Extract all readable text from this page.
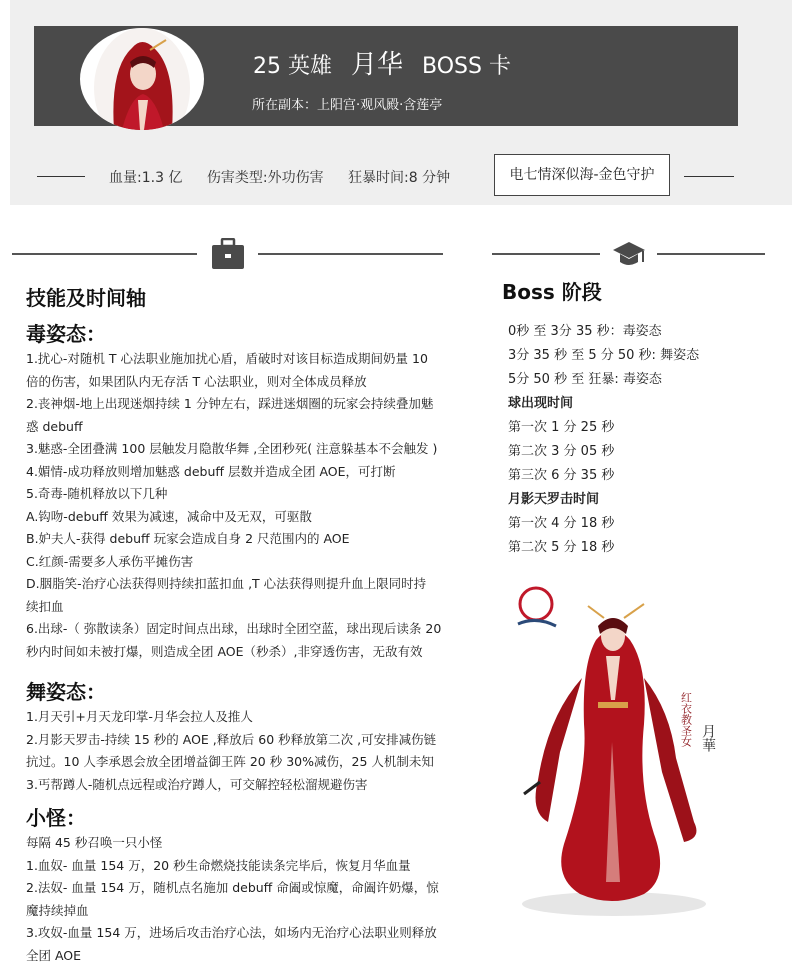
25 英雄 月华 BOSS 卡
所在副本：上阳宫·观风殿·含莲亭
血量:1.3 亿 伤害类型:外功伤害 狂暴时间:8 分钟	电七情深似海-金色守护
技能及时间轴
毒姿态：

1.扰心-对随机 T 心法职业施加扰心盾，盾破时对该目标造成期间奶量 10

倍的伤害，如果团队内无存活 T 心法职业，则对全体成员释放

2.丧神烟-地上出现迷烟持续 1 分钟左右，踩进迷烟圈的玩家会持续叠加魅

惑 debuff

3.魅惑-全团叠满 100 层触发月隐散华舞 ,全团秒死( 注意躲基本不会触发 )

4.媚情-成功释放则增加魅惑 debuff 层数并造成全团 AOE，可打断

5.奇毒-随机释放以下几种

A.钩吻-debuff 效果为减速，减命中及无双，可驱散

B.妒夫人-获得 debuff 玩家会造成自身 2 尺范围内的 AOE

C.红颜-需要多人承伤平摊伤害

D.胭脂笑-治疗心法获得则持续扣蓝扣血 ,T 心法获得则提升血上限同时持

续扣血

6.出球-（ 弥散读条）固定时间点出球，出球时全团空蓝，球出现后读条 20

秒内时间如未被打爆，则造成全团 AOE（秒杀）,非穿透伤害，无敌有效

舞姿态：

1.月天引+月天龙印掌-月华会拉人及推人

2.月影天罗击-持续 15 秒的 AOE ,释放后 60 秒释放第二次 ,可安排减伤链

抗过。10 人李承恩会放全团增益御王阵 20 秒 30%减伤，25 人机制未知

3.丐帮蹲人-随机点远程或治疗蹲人，可交解控轻松溜规避伤害

小怪：

每隔 45 秒召唤一只小怪

1.血奴- 血量 154 万，20 秒生命燃烧技能读条完毕后，恢复月华血量

2.法奴- 血量 154 万，随机点名施加 debuff 命阖或惊魔，命阖许奶爆，惊

魔持续掉血

3.攻奴-血量 154 万，进场后攻击治疗心法，如场内无治疗心法职业则释放

全团 AOE

Boss 阶段

0秒 至 3分 35 秒：毒姿态

3分 35 秒 至 5 分 50 秒: 舞姿态

5分 50 秒 至 狂暴: 毒姿态

球出现时间

第一次 1 分 25 秒

第二次 3 分 05 秒

第三次 6 分 35 秒

月影天罗击时间

第一次 4 分 18 秒

第二次 5 分 18 秒

红衣教圣女 月華
